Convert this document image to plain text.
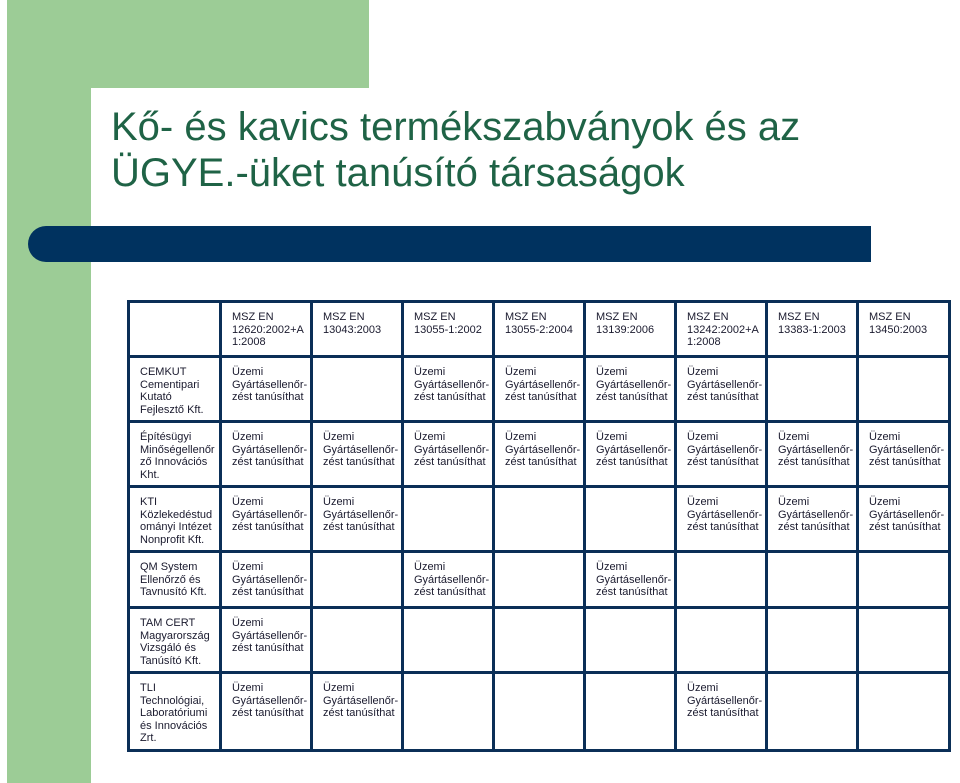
Kő- és kavics termékszabványok és az
ÜGYE.-üket tanúsító társaságok

	MSZ EN
12620:2002+A
1:2008	MSZ EN
13043:2003	MSZ EN
13055-1:2002	MSZ EN
13055-2:2004	MSZ EN
13139:2006	MSZ EN
13242:2002+A
1:2008	MSZ EN
13383-1:2003	MSZ EN
13450:2003

CEMKUT Cementipari Kutató Fejlesztő Kft.	Üzemi
Gyártásellenőr-
zést tanúsíthat		Üzemi
Gyártásellenőr-
zést tanúsíthat	Üzemi
Gyártásellenőr-
zést tanúsíthat	Üzemi
Gyártásellenőr-
zést tanúsíthat	Üzemi
Gyártásellenőr-
zést tanúsíthat		

Építésügyi Minőségellenőr ző Innovációs Kht.	Üzemi
Gyártásellenőr-
zést tanúsíthat	Üzemi
Gyártásellenőr-
zést tanúsíthat	Üzemi
Gyártásellenőr-
zést tanúsíthat	Üzemi
Gyártásellenőr-
zést tanúsíthat	Üzemi
Gyártásellenőr-
zést tanúsíthat	Üzemi
Gyártásellenőr-
zést tanúsíthat	Üzemi
Gyártásellenőr-
zést tanúsíthat	Üzemi
Gyártásellenőr-
zést tanúsíthat

KTI Közlekedéstud ományi Intézet Nonprofit Kft.	Üzemi
Gyártásellenőr-
zést tanúsíthat	Üzemi
Gyártásellenőr-
zést tanúsíthat				Üzemi
Gyártásellenőr-
zést tanúsíthat	Üzemi
Gyártásellenőr-
zést tanúsíthat	Üzemi
Gyártásellenőr-
zést tanúsíthat

QM System Ellenőrző és Tavnusító Kft.	Üzemi
Gyártásellenőr-
zést tanúsíthat		Üzemi
Gyártásellenőr-
zést tanúsíthat		Üzemi
Gyártásellenőr-
zést tanúsíthat			

TAM CERT Magyarország Vizsgáló és Tanúsító Kft.	Üzemi
Gyártásellenőr-
zést tanúsíthat							

TLI Technológiai, Laboratóriumi és Innovációs Zrt.	Üzemi
Gyártásellenőr-
zést tanúsíthat	Üzemi
Gyártásellenőr-
zést tanúsíthat				Üzemi
Gyártásellenőr-
zést tanúsíthat		
